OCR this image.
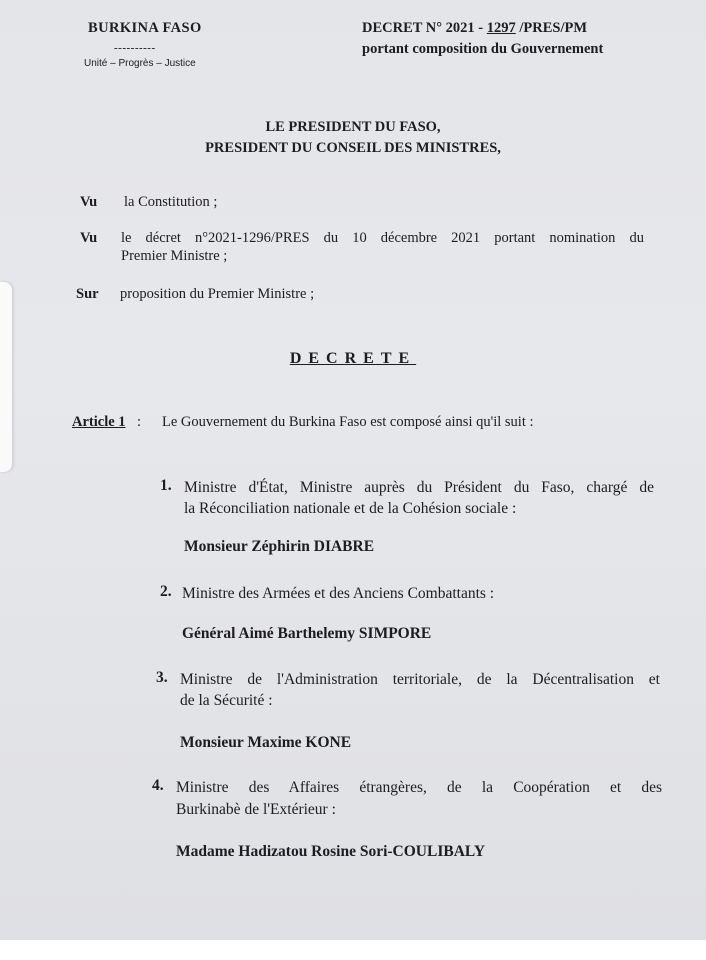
BURKINA FASO
----------
Unité – Progrès – Justice
DECRET N° 2021 - 1297 /PRES/PM
portant composition du Gouvernement
LE PRESIDENT DU FASO,
PRESIDENT DU CONSEIL DES MINISTRES,
Vu la Constitution ;
Vu le décret n°2021-1296/PRES du 10 décembre 2021 portant nomination du
Premier Ministre ;
Sur proposition du Premier Ministre ;
DECRETE
Article 1 : Le Gouvernement du Burkina Faso est composé ainsi qu'il suit :
1. Ministre d'État, Ministre auprès du Président du Faso, chargé de
la Réconciliation nationale et de la Cohésion sociale :
Monsieur Zéphirin DIABRE
2. Ministre des Armées et des Anciens Combattants :
Général Aimé Barthelemy SIMPORE
3. Ministre de l'Administration territoriale, de la Décentralisation et
de la Sécurité :
Monsieur Maxime KONE
4. Ministre des Affaires étrangères, de la Coopération et des
Burkinabè de l'Extérieur :
Madame Hadizatou Rosine Sori-COULIBALY
